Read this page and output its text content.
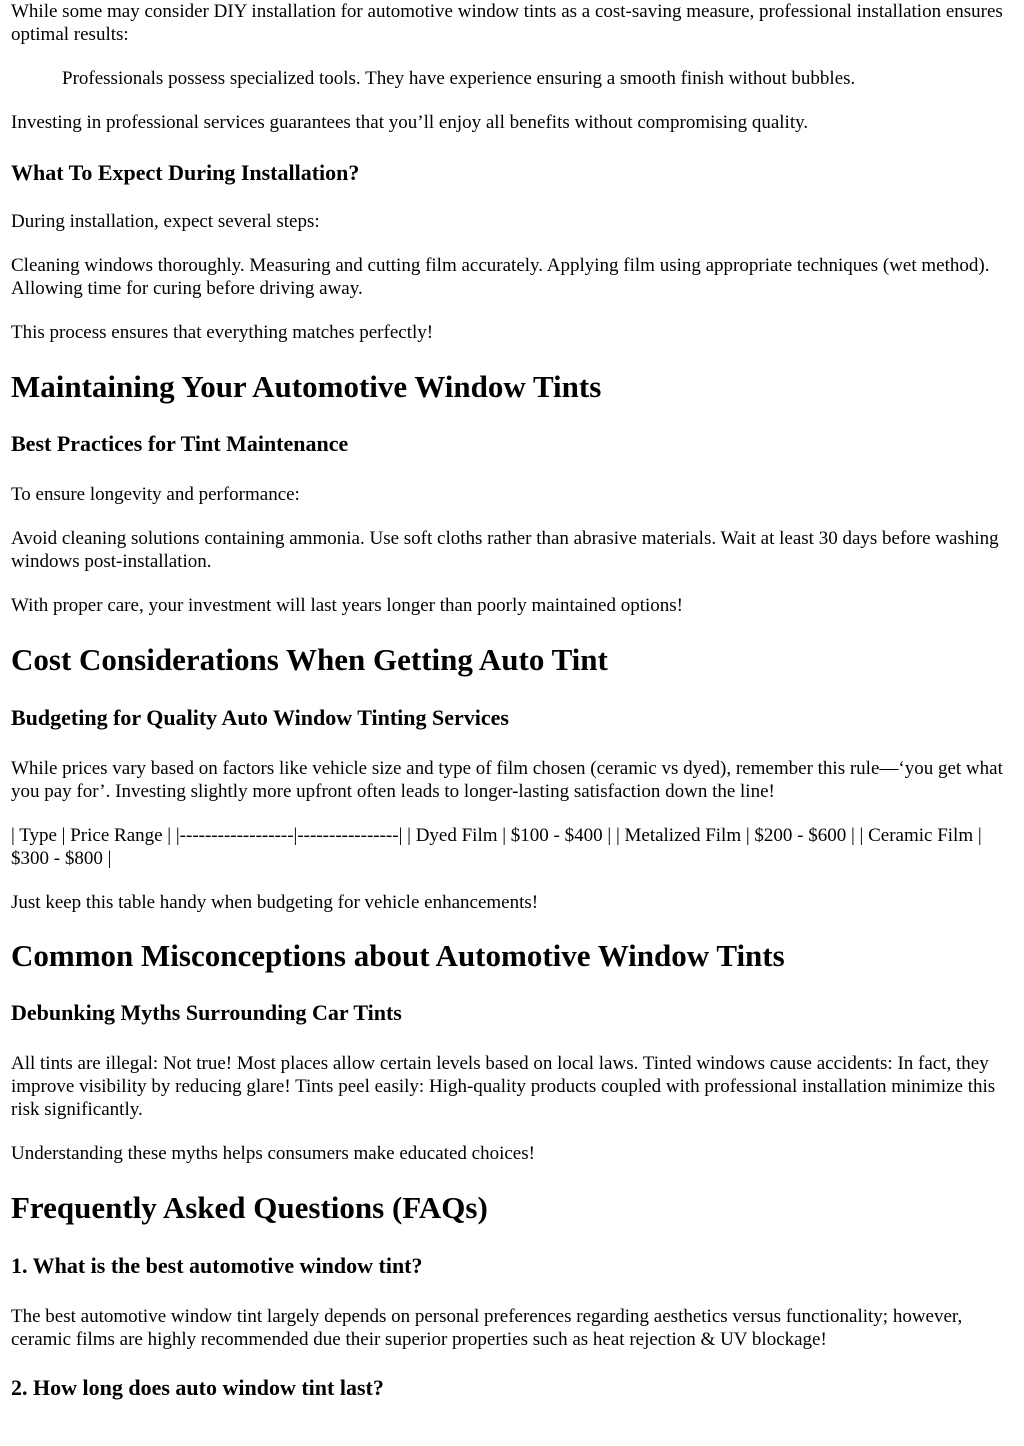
While some may consider DIY installation for automotive window tints as a cost-saving measure, professional installation ensures optimal results:

Professionals possess specialized tools. They have experience ensuring a smooth finish without bubbles.

Investing in professional services guarantees that you’ll enjoy all benefits without compromising quality.

What To Expect During Installation?

During installation, expect several steps:

Cleaning windows thoroughly. Measuring and cutting film accurately. Applying film using appropriate techniques (wet method). Allowing time for curing before driving away.

This process ensures that everything matches perfectly!

Maintaining Your Automotive Window Tints
Best Practices for Tint Maintenance

To ensure longevity and performance:

Avoid cleaning solutions containing ammonia. Use soft cloths rather than abrasive materials. Wait at least 30 days before washing windows post-installation.

With proper care, your investment will last years longer than poorly maintained options!

Cost Considerations When Getting Auto Tint
Budgeting for Quality Auto Window Tinting Services

While prices vary based on factors like vehicle size and type of film chosen (ceramic vs dyed), remember this rule—‘you get what you pay for’. Investing slightly more upfront often leads to longer-lasting satisfaction down the line!

| Type | Price Range | |------------------|----------------| | Dyed Film | $100 - $400 | | Metalized Film | $200 - $600 | | Ceramic Film | $300 - $800 |

Just keep this table handy when budgeting for vehicle enhancements!

Common Misconceptions about Automotive Window Tints
Debunking Myths Surrounding Car Tints

All tints are illegal: Not true! Most places allow certain levels based on local laws. Tinted windows cause accidents: In fact, they improve visibility by reducing glare! Tints peel easily: High-quality products coupled with professional installation minimize this risk significantly.

Understanding these myths helps consumers make educated choices!

Frequently Asked Questions (FAQs)
1. What is the best automotive window tint?

The best automotive window tint largely depends on personal preferences regarding aesthetics versus functionality; however, ceramic films are highly recommended due their superior properties such as heat rejection & UV blockage!

2. How long does auto window tint last?
